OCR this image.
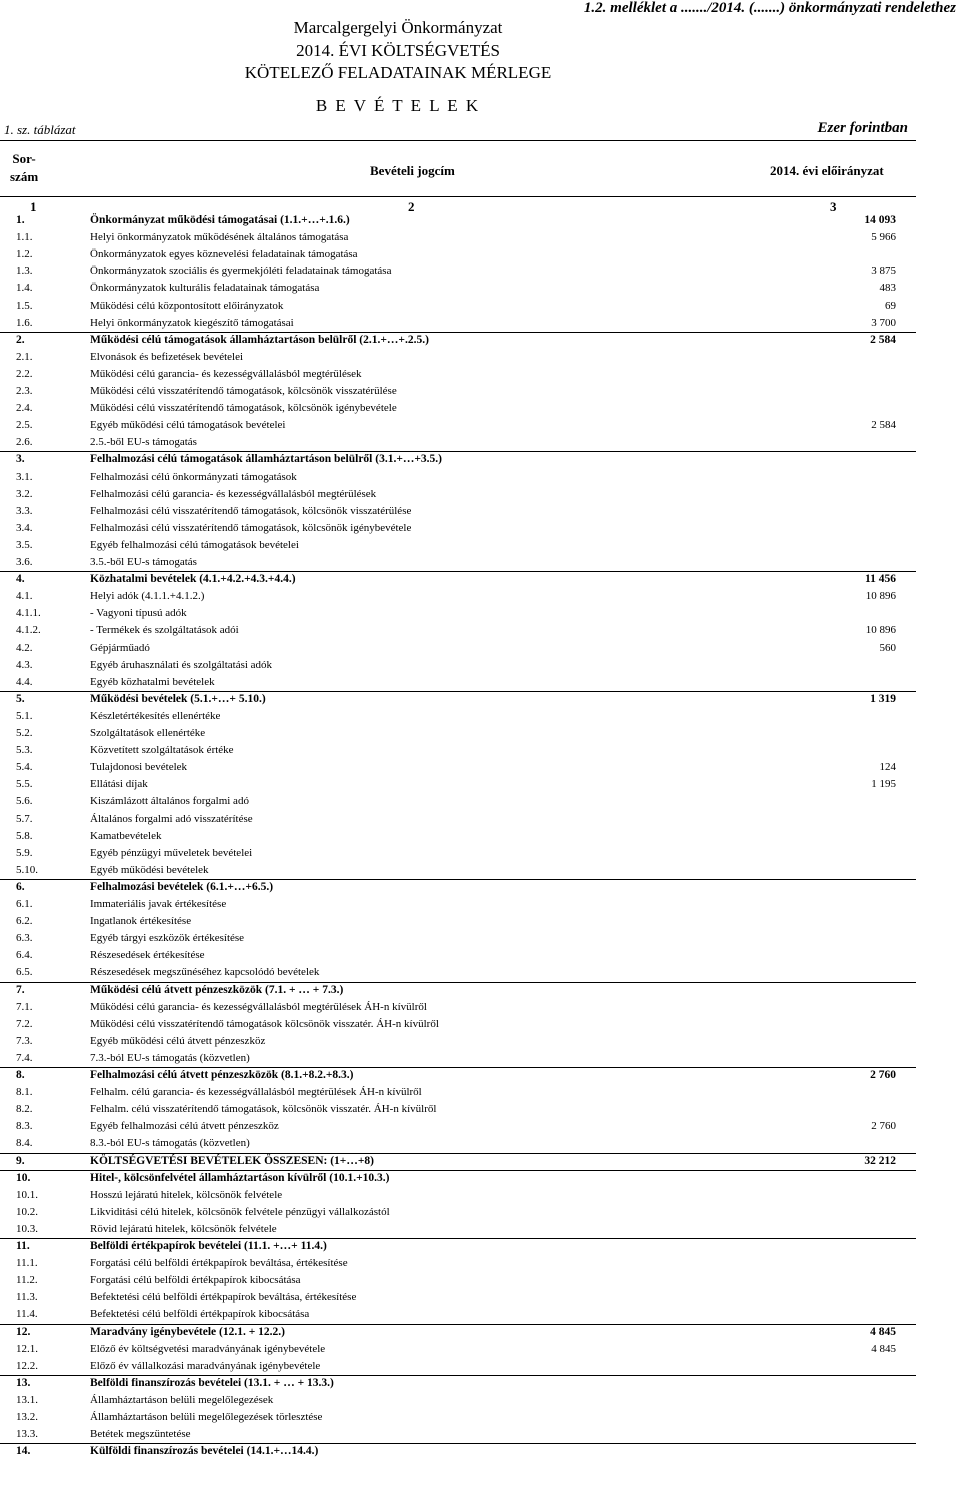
1.2. melléklet a ......./2014. (.......) önkormányzati rendelethez
Marcalgergelyi Önkormányzat
2014. ÉVI KÖLTSÉGVETÉS
KÖTELEZŐ FELADATAINAK MÉRLEGE
B E V É T E L E K
1. sz. táblázat	Ezer forintban
Sor-
szám	Bevételi jogcím	2014. évi előirányzat
1	2	3
1.	Önkormányzat működési támogatásai (1.1.+…+.1.6.)	14 093
1.1.	Helyi önkormányzatok működésének általános támogatása	5 966
1.2.	Önkormányzatok egyes köznevelési feladatainak támogatása
1.3.	Önkormányzatok szociális és gyermekjóléti feladatainak támogatása	3 875
1.4.	Önkormányzatok kulturális feladatainak támogatása	483
1.5.	Működési célú központosított előirányzatok	69
1.6.	Helyi önkormányzatok kiegészítő támogatásai	3 700
2.	Működési célú támogatások államháztartáson belülről (2.1.+…+.2.5.)	2 584
2.1.	Elvonások és befizetések bevételei
2.2.	Működési célú garancia- és kezességvállalásból megtérülések
2.3.	Működési célú visszatérítendő támogatások, kölcsönök visszatérülése
2.4.	Működési célú visszatérítendő támogatások, kölcsönök igénybevétele
2.5.	Egyéb működési célú támogatások bevételei	2 584
2.6.	2.5.-ből EU-s támogatás
3.	Felhalmozási célú támogatások államháztartáson belülről (3.1.+…+3.5.)
3.1.	Felhalmozási célú önkormányzati támogatások
3.2.	Felhalmozási célú garancia- és kezességvállalásból megtérülések
3.3.	Felhalmozási célú visszatérítendő támogatások, kölcsönök visszatérülése
3.4.	Felhalmozási célú visszatérítendő támogatások, kölcsönök igénybevétele
3.5.	Egyéb felhalmozási célú támogatások bevételei
3.6.	3.5.-ből EU-s támogatás
4.	Közhatalmi bevételek (4.1.+4.2.+4.3.+4.4.)	11 456
4.1.	Helyi adók (4.1.1.+4.1.2.)	10 896
4.1.1.	- Vagyoni típusú adók
4.1.2.	- Termékek és szolgáltatások adói	10 896
4.2.	Gépjárműadó	560
4.3.	Egyéb áruhasználati és szolgáltatási adók
4.4.	Egyéb közhatalmi bevételek
5.	Működési bevételek (5.1.+…+ 5.10.)	1 319
5.1.	Készletértékesítés ellenértéke
5.2.	Szolgáltatások ellenértéke
5.3.	Közvetített szolgáltatások értéke
5.4.	Tulajdonosi bevételek	124
5.5.	Ellátási díjak	1 195
5.6.	Kiszámlázott általános forgalmi adó
5.7.	Általános forgalmi adó visszatérítése
5.8.	Kamatbevételek
5.9.	Egyéb pénzügyi műveletek bevételei
5.10.	Egyéb működési bevételek
6.	Felhalmozási bevételek (6.1.+…+6.5.)
6.1.	Immateriális javak értékesítése
6.2.	Ingatlanok értékesítése
6.3.	Egyéb tárgyi eszközök értékesítése
6.4.	Részesedések értékesítése
6.5.	Részesedések megszűnéséhez kapcsolódó bevételek
7.	Működési célú átvett pénzeszközök (7.1. + … + 7.3.)
7.1.	Működési célú garancia- és kezességvállalásból megtérülések ÁH-n kívülről
7.2.	Működési célú visszatérítendő támogatások kölcsönök visszatér. ÁH-n kívülről
7.3.	Egyéb működési célú átvett pénzeszköz
7.4.	7.3.-ból EU-s támogatás (közvetlen)
8.	Felhalmozási célú átvett pénzeszközök (8.1.+8.2.+8.3.)	2 760
8.1.	Felhalm. célú garancia- és kezességvállalásból megtérülések ÁH-n kívülről
8.2.	Felhalm. célú visszatérítendő támogatások, kölcsönök visszatér. ÁH-n kívülről
8.3.	Egyéb felhalmozási célú átvett pénzeszköz	2 760
8.4.	8.3.-ból EU-s támogatás (közvetlen)
9.	KÖLTSÉGVETÉSI BEVÉTELEK ÖSSZESEN: (1+…+8)	32 212
10.	Hitel-, kölcsönfelvétel államháztartáson kívülről (10.1.+10.3.)
10.1.	Hosszú lejáratú hitelek, kölcsönök felvétele
10.2.	Likviditási célú hitelek, kölcsönök felvétele pénzügyi vállalkozástól
10.3.	Rövid lejáratú hitelek, kölcsönök felvétele
11.	Belföldi értékpapírok bevételei (11.1. +…+ 11.4.)
11.1.	Forgatási célú belföldi értékpapírok beváltása, értékesítése
11.2.	Forgatási célú belföldi értékpapírok kibocsátása
11.3.	Befektetési célú belföldi értékpapírok beváltása, értékesítése
11.4.	Befektetési célú belföldi értékpapírok kibocsátása
12.	Maradvány igénybevétele (12.1. + 12.2.)	4 845
12.1.	Előző év költségvetési maradványának igénybevétele	4 845
12.2.	Előző év vállalkozási maradványának igénybevétele
13.	Belföldi finanszírozás bevételei (13.1. + … + 13.3.)
13.1.	Államháztartáson belüli megelőlegezések
13.2.	Államháztartáson belüli megelőlegezések törlesztése
13.3.	Betétek megszüntetése
14.	Külföldi finanszírozás bevételei (14.1.+…14.4.)
